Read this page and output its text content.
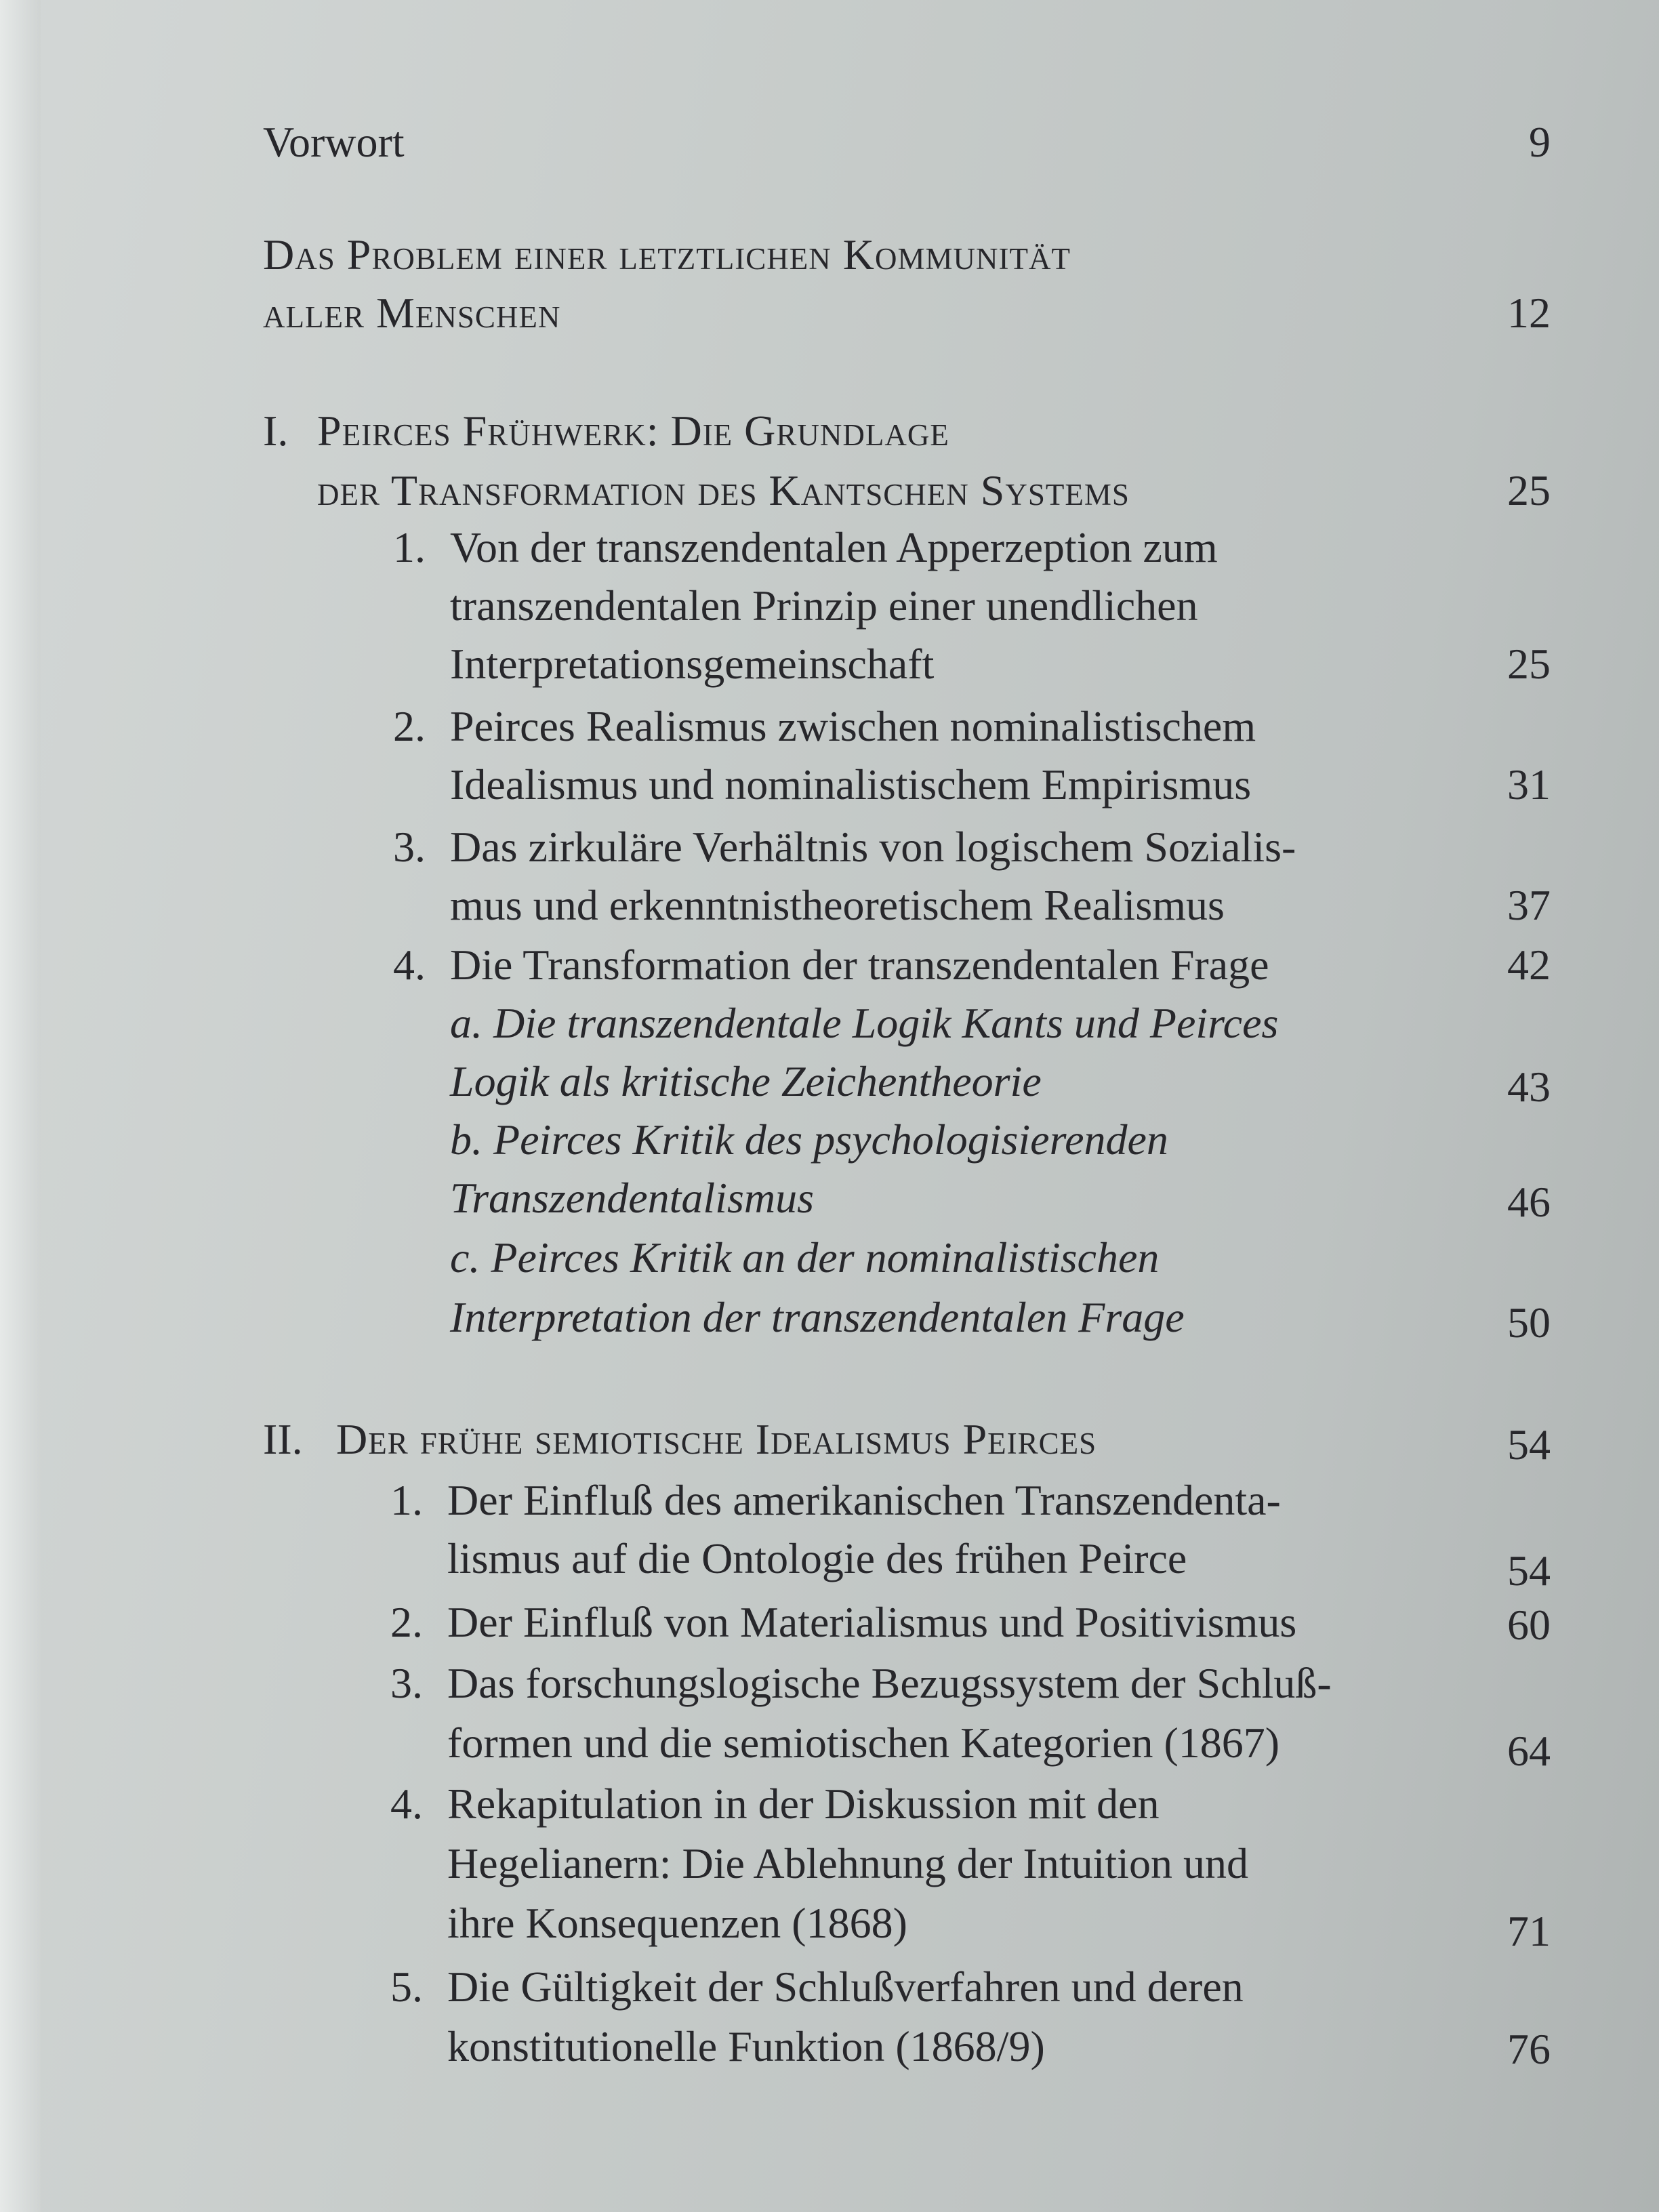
Vorwort	9
Das Problem einer letztlichen Kommunität
aller Menschen	12
I. Peirces Frühwerk: Die Grundlage
der Transformation des Kantschen Systems	25
1. Von der transzendentalen Apperzeption zum
transzendentalen Prinzip einer unendlichen
Interpretationsgemeinschaft	25
2. Peirces Realismus zwischen nominalistischem
Idealismus und nominalistischem Empirismus	31
3. Das zirkuläre Verhältnis von logischem Sozialis-
mus und erkenntnistheoretischem Realismus	37
4. Die Transformation der transzendentalen Frage	42
a. Die transzendentale Logik Kants und Peirces
Logik als kritische Zeichentheorie	43
b. Peirces Kritik des psychologisierenden
Transzendentalismus	46
c. Peirces Kritik an der nominalistischen
Interpretation der transzendentalen Frage	50
II. Der frühe semiotische Idealismus Peirces	54
1. Der Einfluß des amerikanischen Transzendenta-
lismus auf die Ontologie des frühen Peirce	54
2. Der Einfluß von Materialismus und Positivismus	60
3. Das forschungslogische Bezugssystem der Schluß-
formen und die semiotischen Kategorien (1867)	64
4. Rekapitulation in der Diskussion mit den
Hegelianern: Die Ablehnung der Intuition und
ihre Konsequenzen (1868)	71
5. Die Gültigkeit der Schlußverfahren und deren
konstitutionelle Funktion (1868/9)	76
